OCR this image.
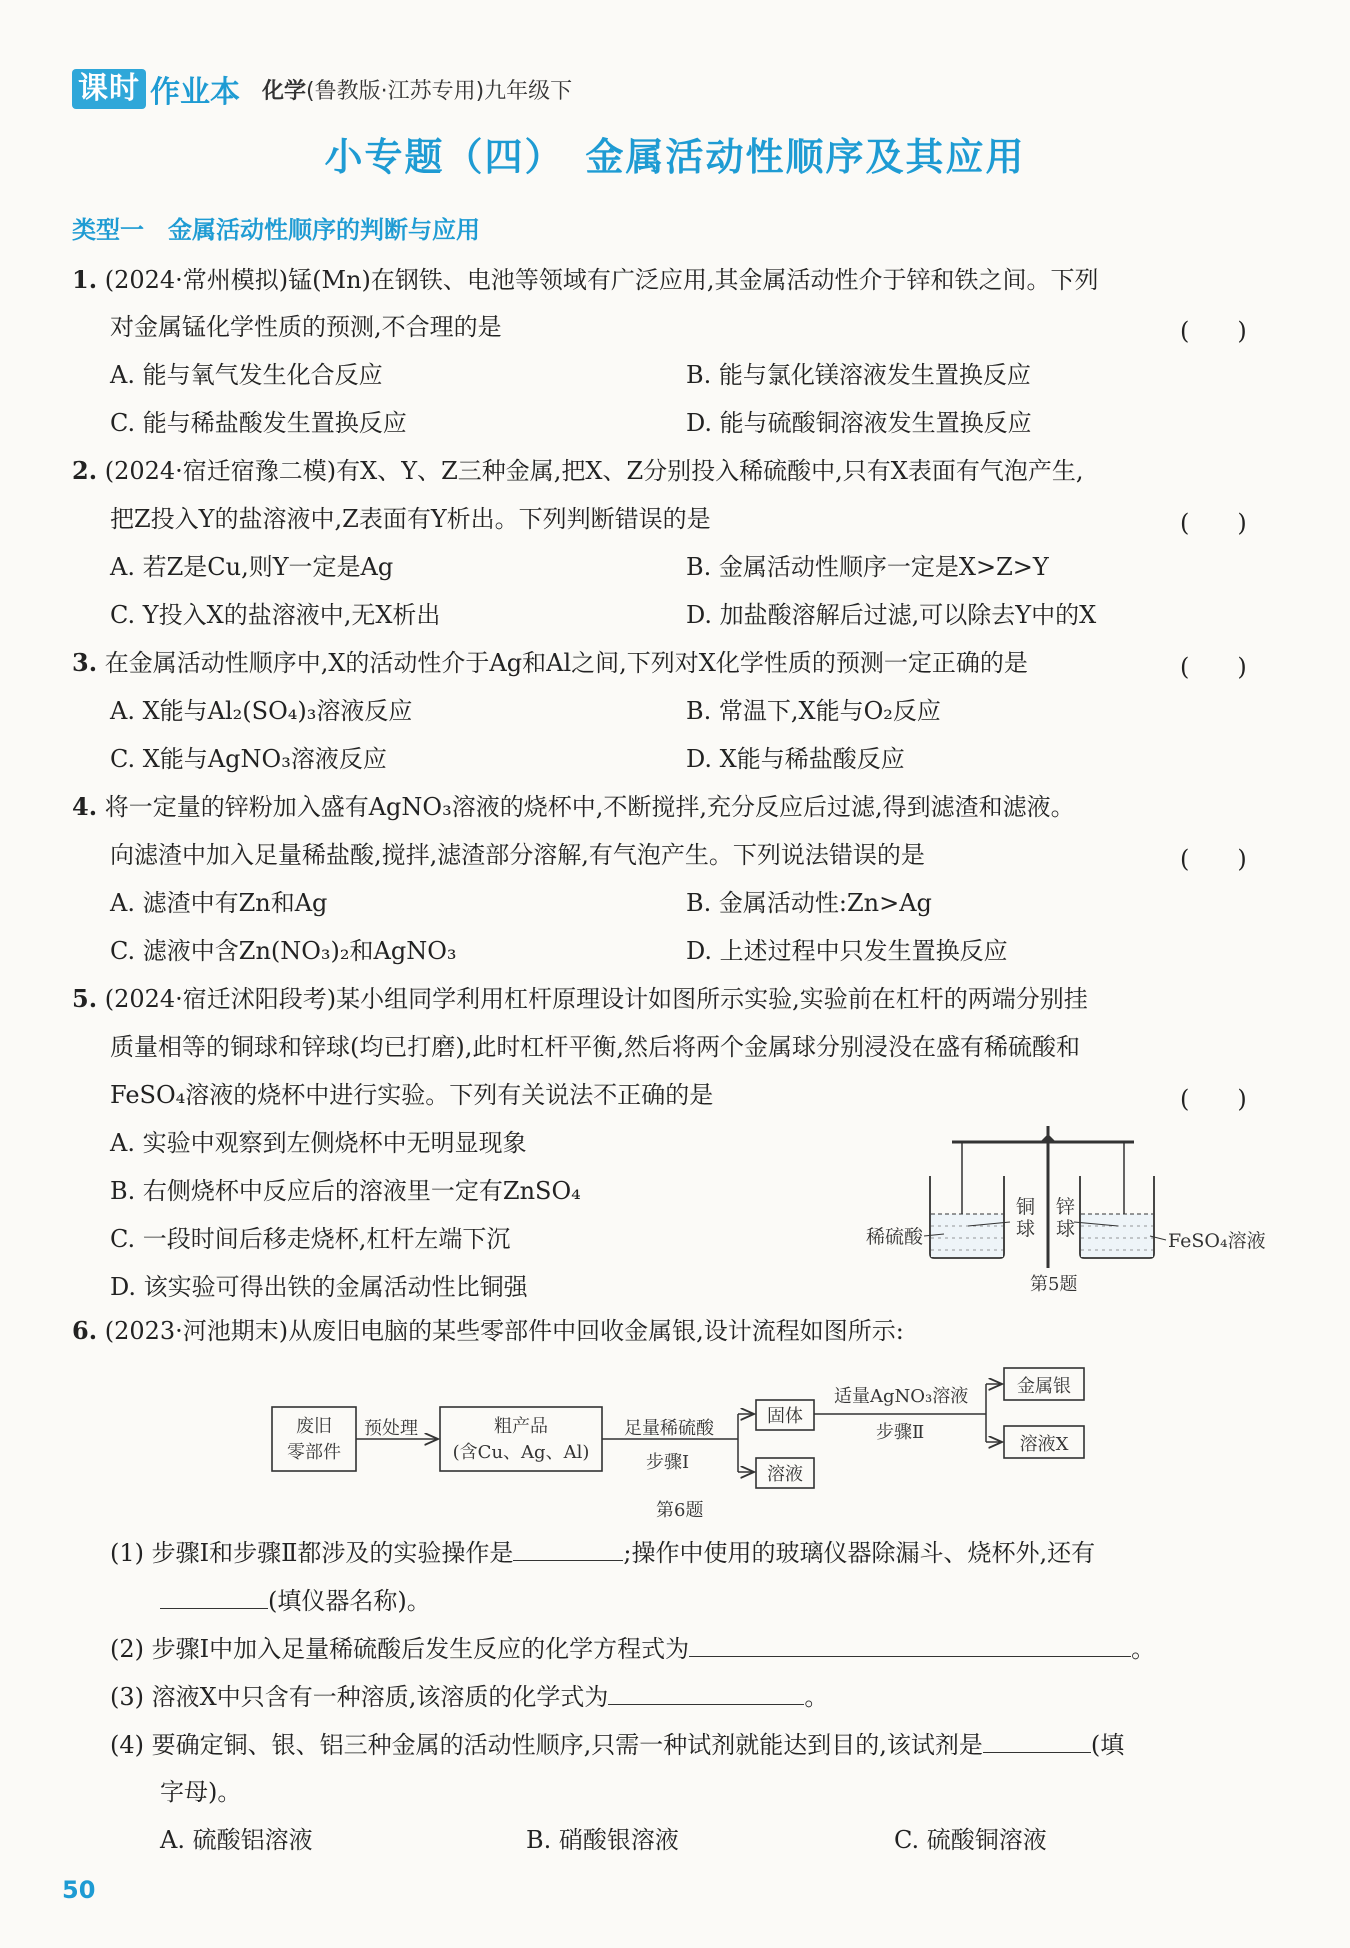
课时 作业本 化学(鲁教版·江苏专用)九年级下
小专题（四）　金属活动性顺序及其应用
类型一　金属活动性顺序的判断与应用
1. (2024·常州模拟)锰(Mn)在钢铁、电池等领域有广泛应用,其金属活动性介于锌和铁之间。下列
对金属锰化学性质的预测,不合理的是	(　　)
A. 能与氧气发生化合反应	B. 能与氯化镁溶液发生置换反应
C. 能与稀盐酸发生置换反应	D. 能与硫酸铜溶液发生置换反应
2. (2024·宿迁宿豫二模)有X、Y、Z三种金属,把X、Z分别投入稀硫酸中,只有X表面有气泡产生,
把Z投入Y的盐溶液中,Z表面有Y析出。下列判断错误的是	(　　)
A. 若Z是Cu,则Y一定是Ag	B. 金属活动性顺序一定是X>Z>Y
C. Y投入X的盐溶液中,无X析出	D. 加盐酸溶解后过滤,可以除去Y中的X
3. 在金属活动性顺序中,X的活动性介于Ag和Al之间,下列对X化学性质的预测一定正确的是	(　　)
A. X能与Al₂(SO₄)₃溶液反应	B. 常温下,X能与O₂反应
C. X能与AgNO₃溶液反应	D. X能与稀盐酸反应
4. 将一定量的锌粉加入盛有AgNO₃溶液的烧杯中,不断搅拌,充分反应后过滤,得到滤渣和滤液。
向滤渣中加入足量稀盐酸,搅拌,滤渣部分溶解,有气泡产生。下列说法错误的是	(　　)
A. 滤渣中有Zn和Ag	B. 金属活动性:Zn>Ag
C. 滤液中含Zn(NO₃)₂和AgNO₃	D. 上述过程中只发生置换反应
5. (2024·宿迁沭阳段考)某小组同学利用杠杆原理设计如图所示实验,实验前在杠杆的两端分别挂
质量相等的铜球和锌球(均已打磨),此时杠杆平衡,然后将两个金属球分别浸没在盛有稀硫酸和
FeSO₄溶液的烧杯中进行实验。下列有关说法不正确的是	(　　)
A. 实验中观察到左侧烧杯中无明显现象
B. 右侧烧杯中反应后的溶液里一定有ZnSO₄
C. 一段时间后移走烧杯,杠杆左端下沉
D. 该实验可得出铁的金属活动性比铜强
稀硫酸	FeSO₄溶液
铜球
锌球
第5题
6. (2023·河池期末)从废旧电脑的某些零部件中回收金属银,设计流程如图所示:
废旧
零部件
预处理	粗产品
(含Cu、Ag、Al)
足量稀硫酸
步骤Ⅰ
固体
溶液
适量AgNO₃溶液
步骤Ⅱ
金属银
溶液X
第6题
(1) 步骤Ⅰ和步骤Ⅱ都涉及的实验操作是	;操作中使用的玻璃仪器除漏斗、烧杯外,还有
(填仪器名称)。
(2) 步骤Ⅰ中加入足量稀硫酸后发生反应的化学方程式为	。
(3) 溶液X中只含有一种溶质,该溶质的化学式为	。
(4) 要确定铜、银、铝三种金属的活动性顺序,只需一种试剂就能达到目的,该试剂是	(填
字母)。
A. 硫酸铝溶液	B. 硝酸银溶液	C. 硫酸铜溶液
50
